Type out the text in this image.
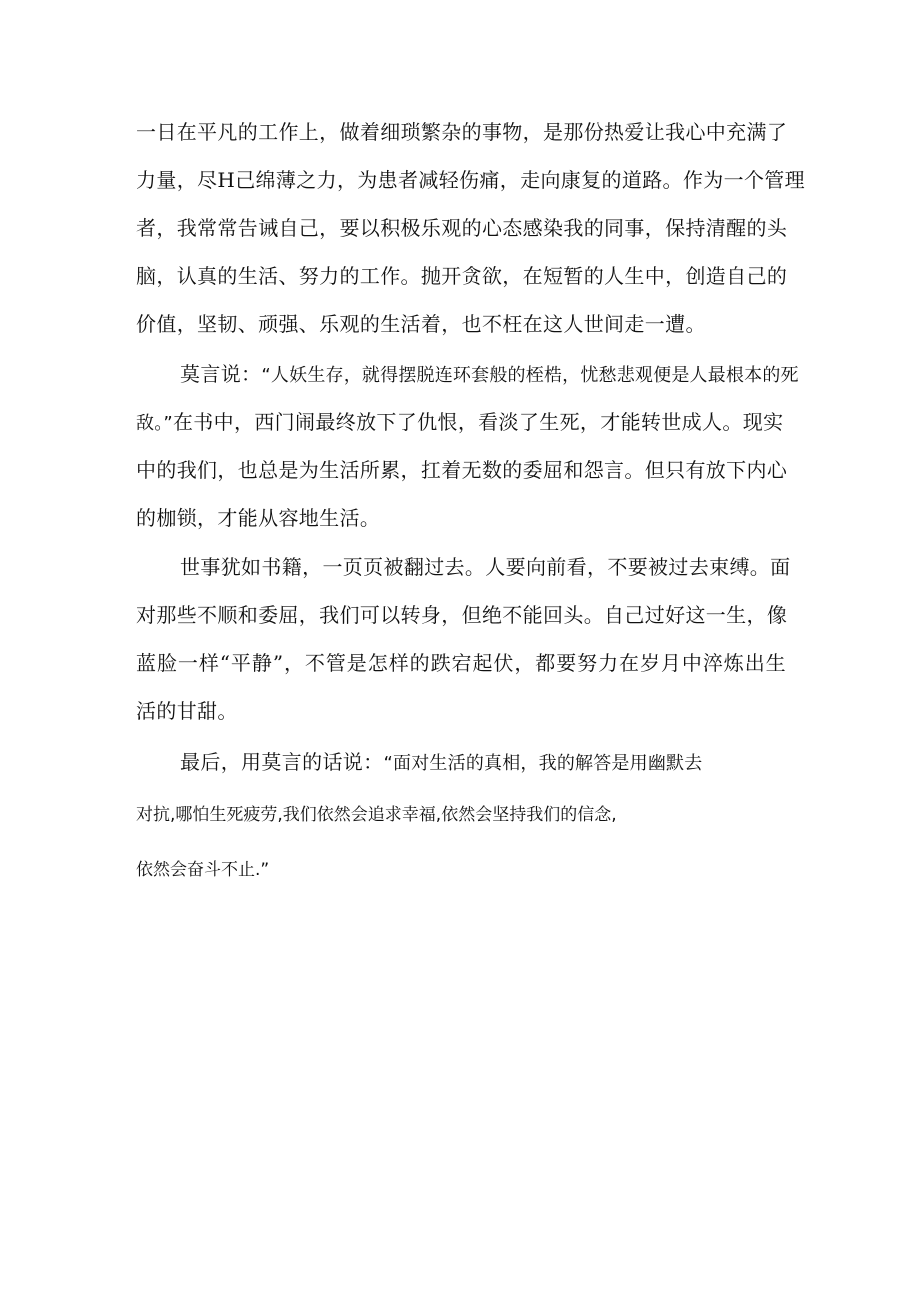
一日在平凡的工作上，做着细琐繁杂的事物，是那份热爱让我心中充满了
力量，尽H己绵薄之力，为患者减轻伤痛，走向康复的道路。作为一个管理
者，我常常告诫自己，要以积极乐观的心态感染我的同事，保持清醒的头
脑，认真的生活、努力的工作。抛开贪欲，在短暂的人生中，创造自己的
价值，坚韧、顽强、乐观的生活着，也不枉在这人世间走一遭。
莫言说：“人妖生存，就得摆脱连环套般的桎梏，忧愁悲观便是人最根本的死
敌。”在书中，西门闹最终放下了仇恨，看淡了生死，才能转世成人。现实
中的我们，也总是为生活所累，扛着无数的委屈和怨言。但只有放下内心
的枷锁，才能从容地生活。
世事犹如书籍，一页页被翻过去。人要向前看，不要被过去束缚。面
对那些不顺和委屈，我们可以转身，但绝不能回头。自己过好这一生，像
蓝脸一样“平静”，不管是怎样的跌宕起伏，都要努力在岁月中淬炼出生
活的甘甜。
最后，用莫言的话说：“面对生活的真相，我的解答是用幽默去
对抗,哪怕生死疲劳,我们依然会追求幸福,依然会坚持我们的信念,
依然会奋斗不止.”
